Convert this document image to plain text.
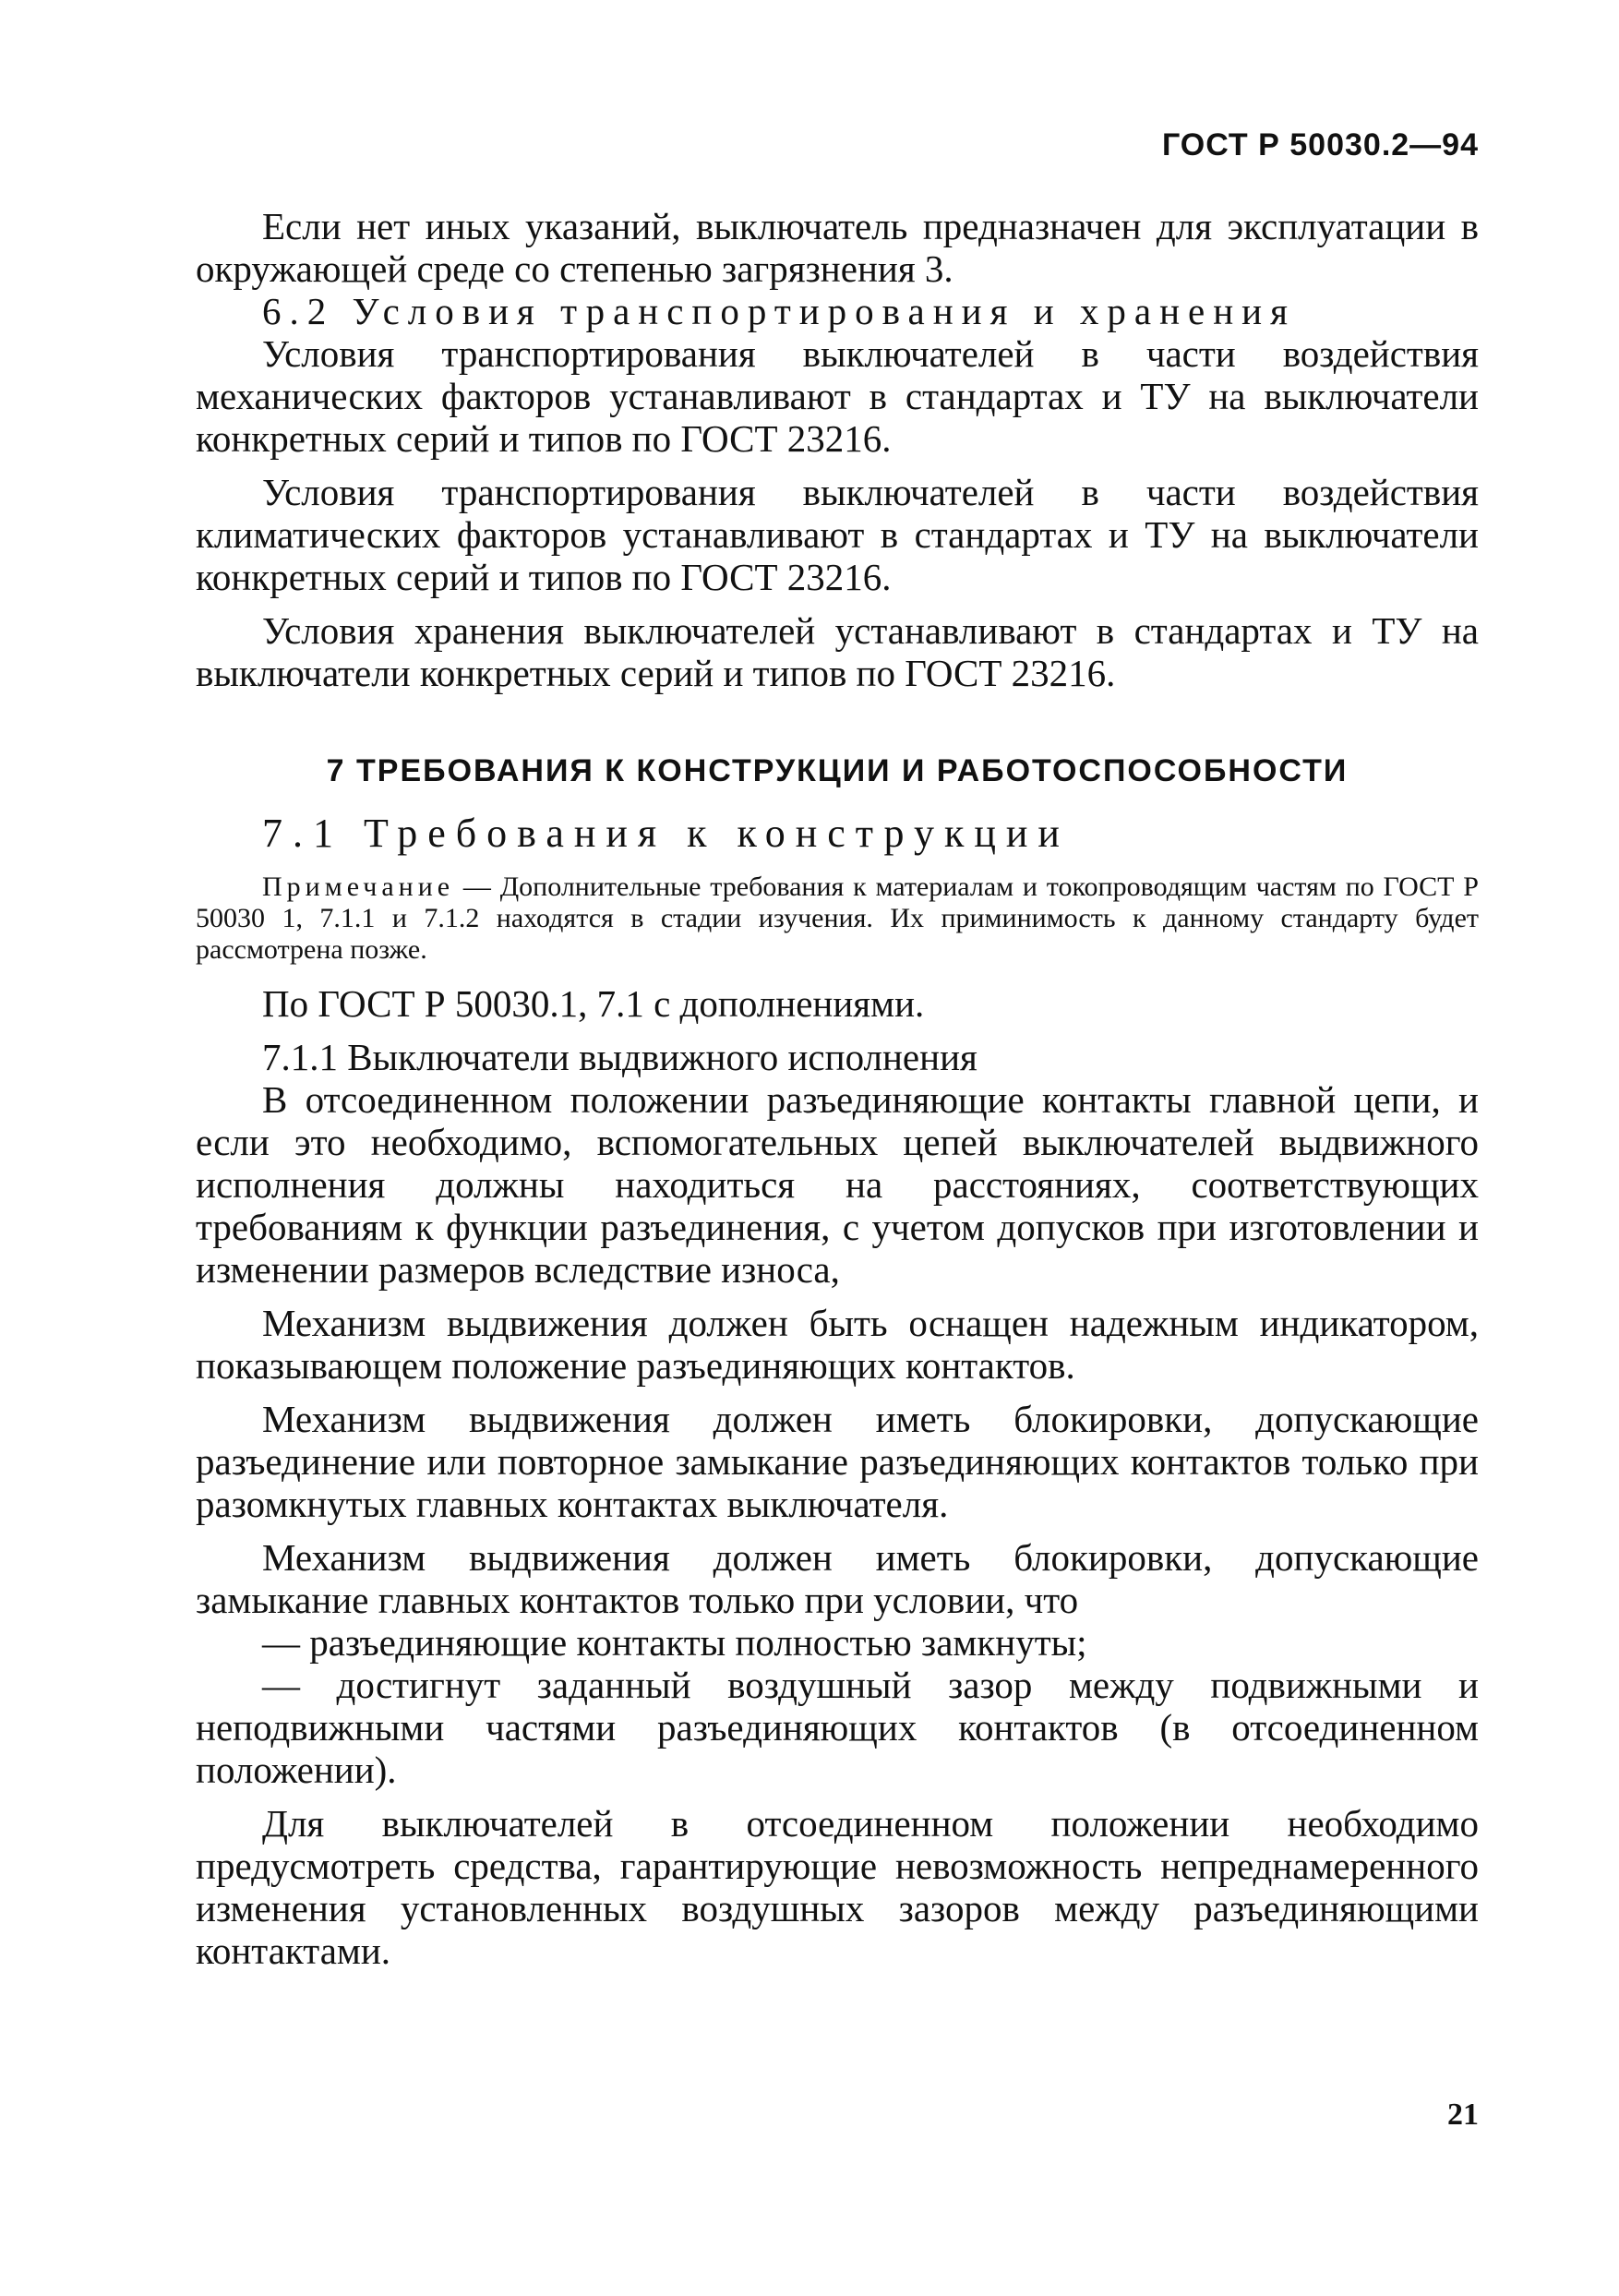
ГОСТ Р 50030.2—94

Если нет иных указаний, выключатель предназначен для эксплуатации в окружающей среде со степенью загрязнения 3.

6.2 Условия транспортирования и хранения

Условия транспортирования выключателей в части воздействия механических факторов устанавливают в стандартах и ТУ на выключатели конкретных серий и типов по ГОСТ 23216.

Условия транспортирования выключателей в части воздействия климатических факторов устанавливают в стандартах и ТУ на выключатели конкретных серий и типов по ГОСТ 23216.

Условия хранения выключателей устанавливают в стандартах и ТУ на выключатели конкретных серий и типов по ГОСТ 23216.

7 ТРЕБОВАНИЯ К КОНСТРУКЦИИ И РАБОТОСПОСОБНОСТИ
7.1 Требования к конструкции

Примечание — Дополнительные требования к материалам и токопроводящим частям по ГОСТ Р 50030 1, 7.1.1 и 7.1.2 находятся в стадии изучения. Их приминимость к данному стандарту будет рассмотрена позже.

По ГОСТ Р 50030.1, 7.1 с дополнениями.

7.1.1 Выключатели выдвижного исполнения

В отсоединенном положении разъединяющие контакты главной цепи, и если это необходимо, вспомогательных цепей выключателей выдвижного исполнения должны находиться на расстояниях, соответствующих требованиям к функции разъединения, с учетом допусков при изготовлении и изменении размеров вследствие износа,

Механизм выдвижения должен быть оснащен надежным индикатором, показывающем положение разъединяющих контактов.

Механизм выдвижения должен иметь блокировки, допускающие разъединение или повторное замыкание разъединяющих контактов только при разомкнутых главных контактах выключателя.

Механизм выдвижения должен иметь блокировки, допускающие замыкание главных контактов только при условии, что

— разъединяющие контакты полностью замкнуты;

— достигнут заданный воздушный зазор между подвижными и неподвижными частями разъединяющих контактов (в отсоединенном положении).

Для выключателей в отсоединенном положении необходимо предусмотреть средства, гарантирующие невозможность непреднамеренного изменения установленных воздушных зазоров между разъединяющими контактами.

21
